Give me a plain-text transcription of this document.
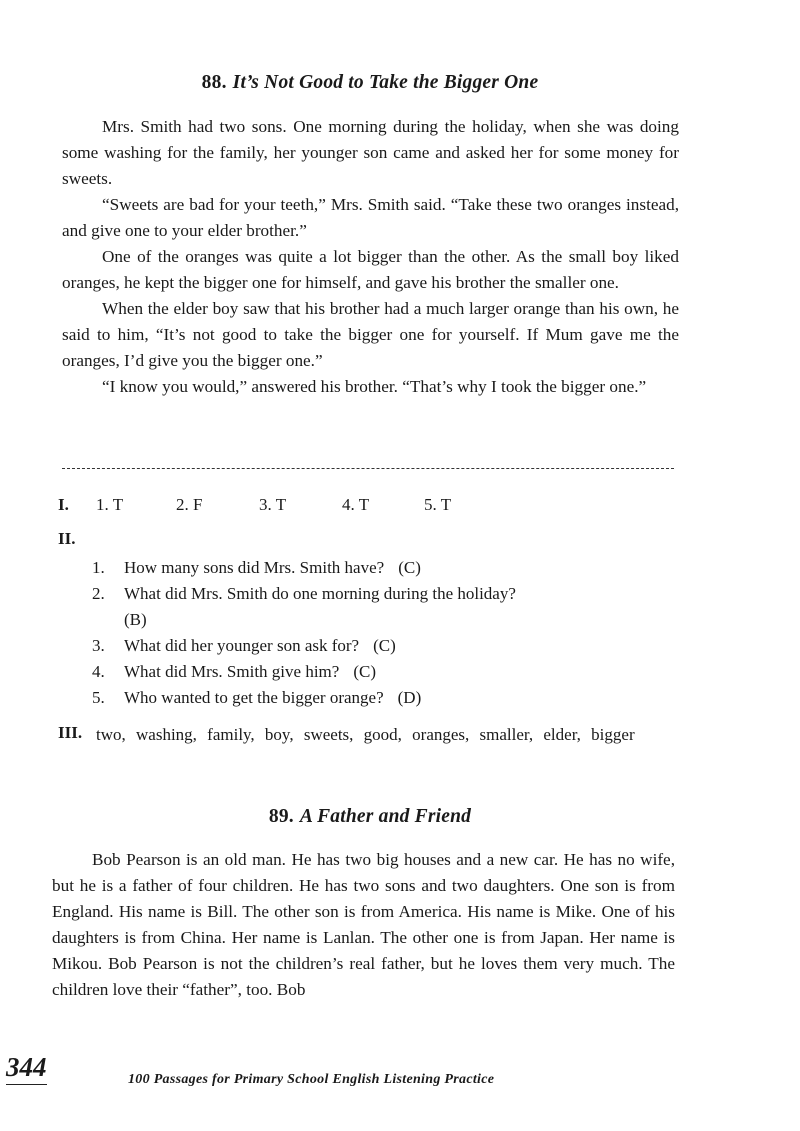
88. It’s Not Good to Take the Bigger One

Mrs. Smith had two sons. One morning during the holiday, when she was doing some washing for the family, her younger son came and asked her for some money for sweets.

“Sweets are bad for your teeth,” Mrs. Smith said. “Take these two oranges instead, and give one to your elder brother.”

One of the oranges was quite a lot bigger than the other. As the small boy liked oranges, he kept the bigger one for himself, and gave his brother the smaller one.

When the elder boy saw that his brother had a much larger orange than his own, he said to him, “It’s not good to take the bigger one for yourself. If Mum gave me the oranges, I’d give you the bigger one.”

“I know you would,” answered his brother. “That’s why I took the bigger one.”

I. 1. T	2. F	3. T	4. T	5. T
II.
1. How many sons did Mrs. Smith have? (C)
2. What did Mrs. Smith do one morning during the holiday?
(B)
3. What did her younger son ask for? (C)
4. What did Mrs. Smith give him? (C)
5. Who wanted to get the bigger orange? (D)
III. two, washing, family, boy, sweets, good, oranges, smaller, elder, bigger
89. A Father and Friend

Bob Pearson is an old man. He has two big houses and a new car. He has no wife, but he is a father of four children. He has two sons and two daughters. One son is from England. His name is Bill. The other son is from America. His name is Mike. One of his daughters is from China. Her name is Lanlan. The other one is from Japan. Her name is Mikou. Bob Pearson is not the children’s real father, but he loves them very much. The children love their “father”, too. Bob

344	100 Passages for Primary School English Listening Practice
